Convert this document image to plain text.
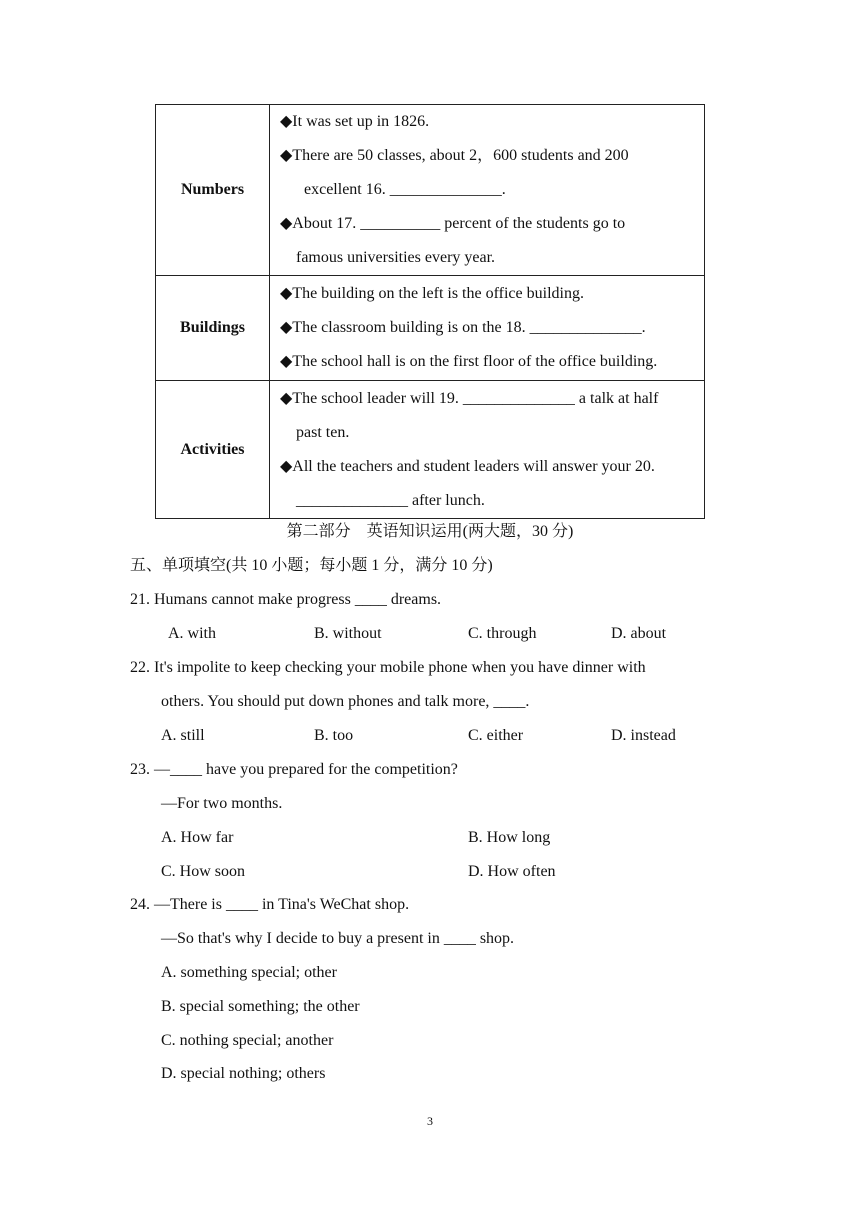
Numbers	◆It was set up in 1826.
◆There are 50 classes, about 2，600 students and 200
excellent 16. ______________.
◆About 17. __________ percent of the students go to
famous universities every year.

Buildings	◆The building on the left is the office building.
◆The classroom building is on the 18. ______________.
◆The school hall is on the first floor of the office building.

Activities	◆The school leader will 19. ______________ a talk at half
past ten.
◆All the teachers and student leaders will answer your 20.
______________ after lunch.
第二部分　英语知识运用(两大题，30 分)
五、单项填空(共 10 小题；每小题 1 分，满分 10 分)
21. Humans cannot make progress ____ dreams.
A. with	B. without	C. through	D. about
22. It's impolite to keep checking your mobile phone when you have dinner with
others. You should put down phones and talk more, ____.
A. still	B. too	C. either	D. instead
23. —____ have you prepared for the competition?
—For two months.
A. How far	B. How long
C. How soon	D. How often
24. —There is ____ in Tina's WeChat shop.
—So that's why I decide to buy a present in ____ shop.
A. something special; other
B. special something; the other
C. nothing special; another
D. special nothing; others
3
